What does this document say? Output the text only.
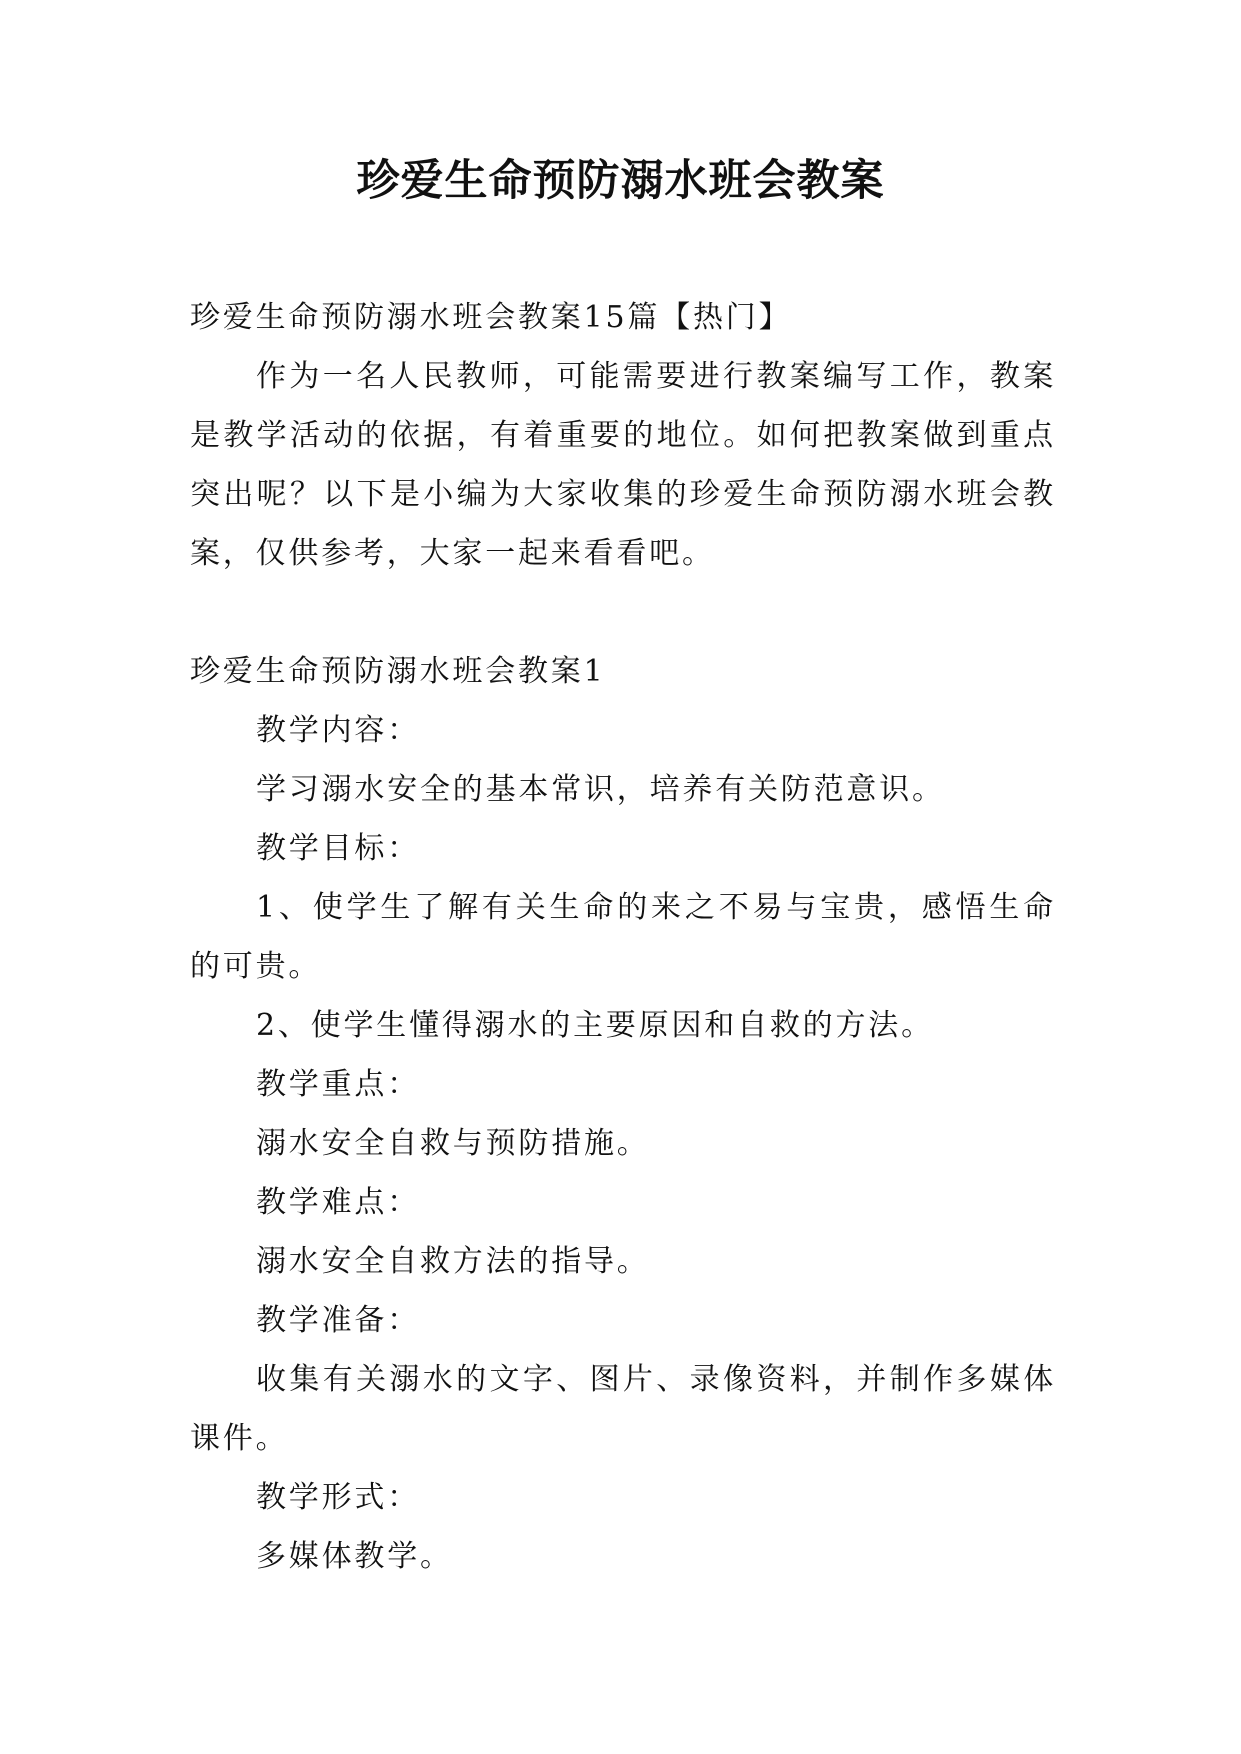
珍爱生命预防溺水班会教案

珍爱生命预防溺水班会教案15篇【热门】

作为一名人民教师，可能需要进行教案编写工作，教案是教学活动的依据，有着重要的地位。如何把教案做到重点突出呢？以下是小编为大家收集的珍爱生命预防溺水班会教案，仅供参考，大家一起来看看吧。

珍爱生命预防溺水班会教案1

教学内容：

学习溺水安全的基本常识，培养有关防范意识。

教学目标：

1、使学生了解有关生命的来之不易与宝贵，感悟生命的可贵。

2、使学生懂得溺水的主要原因和自救的方法。

教学重点：

溺水安全自救与预防措施。

教学难点：

溺水安全自救方法的指导。

教学准备：

收集有关溺水的文字、图片、录像资料，并制作多媒体课件。

教学形式：

多媒体教学。
